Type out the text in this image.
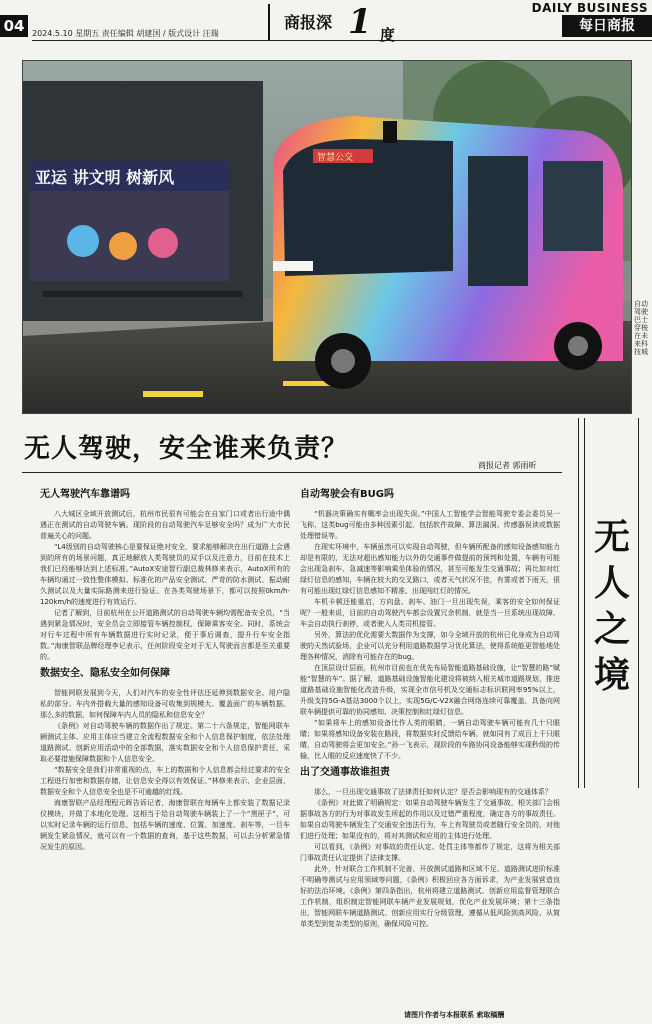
04 2024.5.10 星期五 责任编辑 胡建国 / 版式设计 汪瑞
商报深 1 度
DAILY BUSINESS
每日商报
亚运 讲文明 树新风
智慧公交
自动驾驶巴士穿梭在未来科技城
无人驾驶，安全谁来负责？
商报记者 郭雨昕
无人之境
无人驾驶汽车靠谱吗

八大城区全域开放测试后，杭州市民很有可能会在自家门口或者出行途中偶遇正在测试的自动驾驶车辆。现阶段的自动驾驶汽车足够安全吗？成为广大市民普遍关心的问题。

“L4级别的自动驾驶核心是要保证绝对安全，要求能够解决在出行道路上会遇到的所有的场景问题，真正地解放人类驾驶员的双手以及注意力，目前在技术上我们已经能够达到上述标准。”AutoX安途智行副总裁林修来表示，AutoX所有的车辆均通过一致性整体模拟、标准化的产品安全测试、严苛的防水测试、振动耐久测试以及大量实际路测来进行验证。在各类驾驶场景下，都可以按照0km/h-120km/h的速度进行有效运行。

记者了解到，目前杭州在公开道路测试的自动驾驶车辆均需配备安全员，“当遇到紧急情况时，安全员会立即接管车辆控制权，保障乘客安全。同时，系统会对行车过程中所有车辆数据进行实时记录，便于事后调查，提升行车安全指数。”海康智联品牌经理李记表示，任何阶段安全对于无人驾驶而言都是至关重要的。

数据安全、隐私安全如何保障

智能网联发展到今天，人们对汽车的安全性评估还延伸到数据安全、用户隐私的部分。车内外搭载大量的感知设备可收集到规模大、覆盖面广的车辆数据。那么多的数据，如何保障车内人员的隐私和信息安全？

《条例》对自动驾驶车辆的数据作出了规定。第二十六条规定，智能网联车辆测试主体、应用主体应当建立全流程数据安全和个人信息保护制度，依法处理道路测试、创新应用活动中的全部数据，落实数据安全和个人信息保护责任，采取必要措施保障数据和个人信息安全。

“数据安全是我们非常重视的点，车上的数据和个人信息都会经过要求的安全工程进行加密和数据存储，让信息安全得以有效保证。”林修来表示，企业层面，数据安全和个人信息安全也是不可逾越的红线。

海康智联产品经理程元晖告诉记者，海康智联在每辆车上都安装了数据记录仪模块，并做了本地化处理。这相当于给自动驾驶车辆装上了一个“黑匣子”，可以实时记录车辆的运行信息，包括车辆的速度、位置、加速度、刹车等，一旦车辆发生紧急情况，就可以有一个数据的查询，基于这些数据，可以去分析紧急情况发生的原因。

自动驾驶会有BUG吗

“机器决策确实有概率会出现失误。”中国人工智能学会智能驾驶专委会委员吴一飞称，这类bug可能由多种因素引起，包括软件故障、算法漏洞、传感器误读或数据处理错误等。

在现实环境中，车辆虽然可以实现自动驾驶，但车辆所配备的感知设备感知能力却是有限的，无法对超出感知能力以外的交通事件做提前的预判和处置，车辆有可能会出现急刹车、急减速等影响乘坐体验的情况，甚至可能发生交通事故；再比如对红绿灯信息的感知，车辆在较大的交叉路口，或者天气状况不佳，有雾或者下雨天，很有可能出现红绿灯信息感知不精准、出现闯红灯的情况。

车机卡顿还能重启，方向盘、刹车、油门一旦出现失误，乘客的安全如何保证呢？一般来说，目前的自动驾驶汽车都会设置冗余机制，就是当一旦系统出现故障，车会自动执行刹停，或者驶入人类司机接管。

另外，算法的优化需要大数据作为支撑，如今全域开放的杭州已化身成为自动驾驶的天然试验场，企业可以充分利用道路数据学习优化算法，使得系统能更智能地处理各种情况，消除有可能存在的bug。

在顶层设计层面，杭州市目前也在优先布局智能道路基础设施，让“智慧的路”赋能“智慧的车”。据了解，道路基础设施智能化建设将被纳入相关城市道路规划，推进道路基础设施智能化改造升级，实现全市信号机及交通标志标识联网率95%以上，升级支持5G-A基站3000个以上，实现5G/C-V2X融合网络连续可靠覆盖，具备向网联车辆提供可靠的协同感知、决策控制和红绿灯信息。

“如果将车上的感知设备比作人类的眼睛，一辆自动驾驶车辆可能有几十只眼睛；如果将感知设备安装在路段，将数据实时反馈给车辆，就如同有了成百上千只眼睛，自动驾驶将会更加安全。”孙一飞表示，现阶段的车路协同设备能够实现秒级的传输，比人眼的反应速度快了不少。

出了交通事故谁担责

那么，一旦出现交通事故了法律责任如何认定？是否会影响现有的交通体系？

《条例》对此做了明确规定：如果自动驾驶车辆发生了交通事故，相关部门会根据事故各方的行为对事故发生所起的作用以及过错严重程度，确定各方的事故责任。如果自动驾驶车辆发生了交通安全违法行为，车上有驾驶员或者随行安全员的，对他们进行处理；如果没有的，将对其测试和应用的主体进行处理。

可以看到，《条例》对事故的责任认定、处罚主体等都作了规定，这将为相关部门事故责任认定提供了法律支撑。

此外，针对联合工作机制不完善、开放测试道路和区域不足、道路测试进阶标准不明确等测试与应用领域等问题，《条例》积极回应各方面诉求，为产业发展营造良好的法治环境。《条例》第四条指出，杭州将建立道路测试、创新应用监督管理联合工作机制，组织制定智能网联车辆产业发展规划，优化产业发展环境；第十三条指出，智能网联车辆道路测试、创新应用实行分级管理，遵循从低风险到高风险、从简单类型到复杂类型的原则，确保风险可控。

请图片作者与本报联系 索取稿酬
